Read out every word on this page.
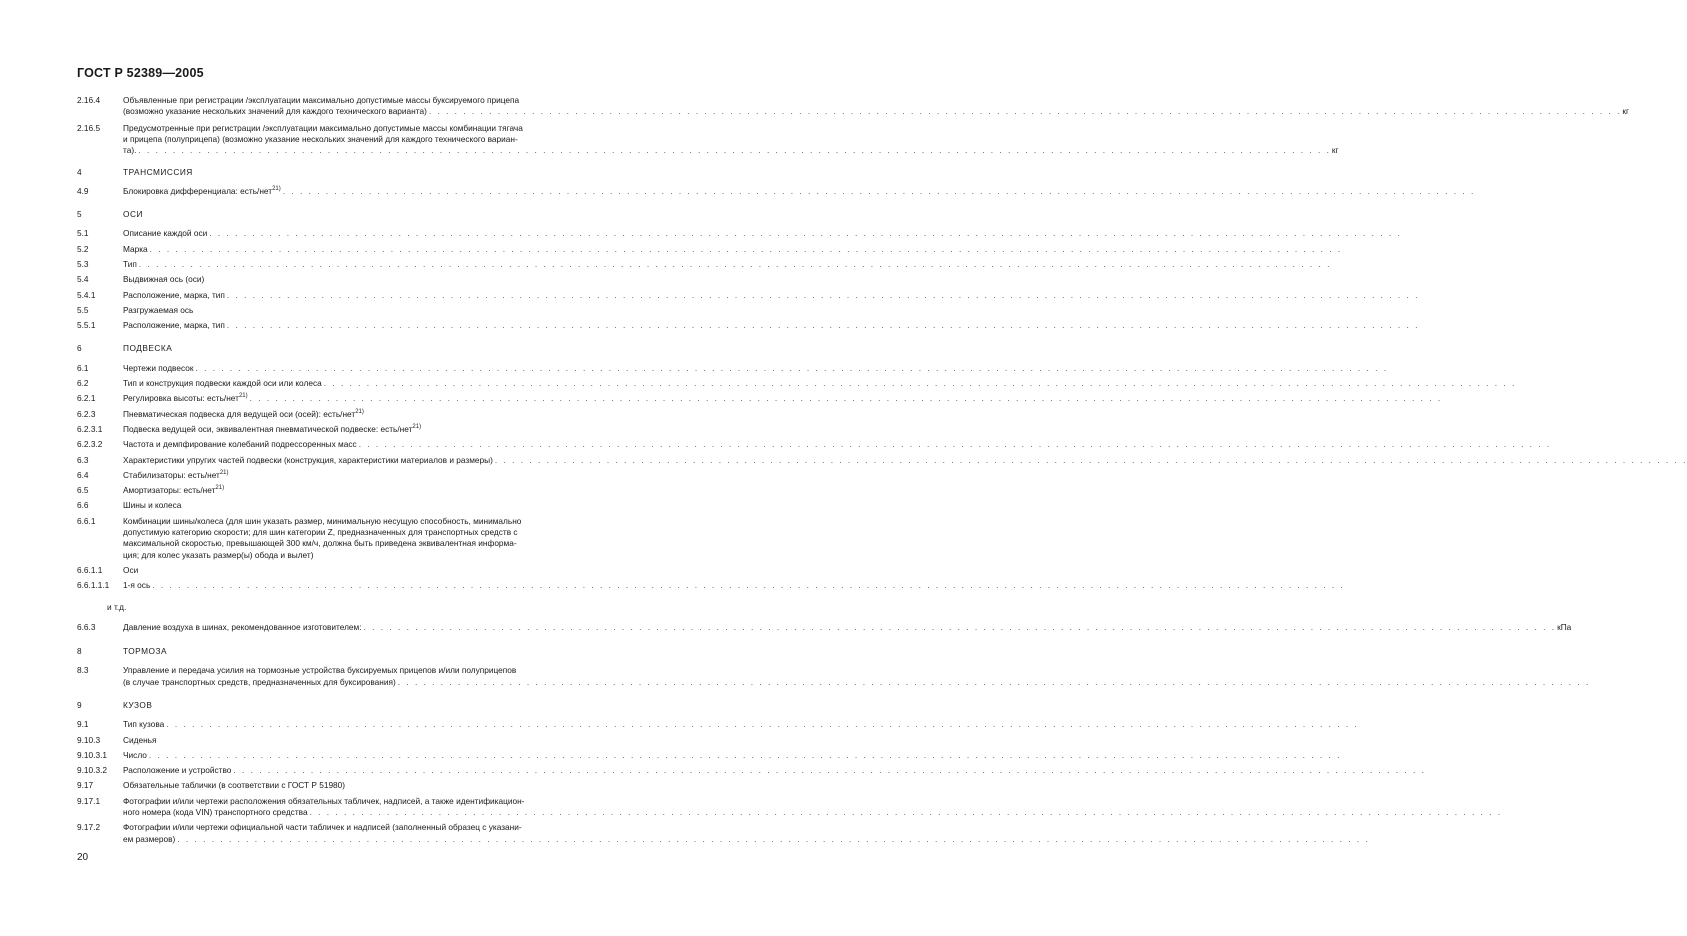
ГОСТ Р 52389—2005
2.16.4	Объявленные при регистрации /эксплуатации максимально допустимые массы буксируемого прицепа
(возможно указание нескольких значений для каждого технического варианта) . . . . . . . . . . . . . . . . . . . . . . . . . . . . . . . . . . . . . . . . . . . . . . . . . . . . . . . . . . . . . . . . . . . . . . . . . . . . . . . . . . . . . . . . . . . . . . . . . . . . . . . . . . . . . . . . . . . . . . . . . . . . . . . . . . . . . . . . . . . кг
2.16.5	Предусмотренные при регистрации /эксплуатации максимально допустимые массы комбинации тягача
и прицепа (полуприцепа) (возможно указание нескольких значений для каждого технического вариан-
та). . . . . . . . . . . . . . . . . . . . . . . . . . . . . . . . . . . . . . . . . . . . . . . . . . . . . . . . . . . . . . . . . . . . . . . . . . . . . . . . . . . . . . . . . . . . . . . . . . . . . . . . . . . . . . . . . . . . . . . . . . . . . . . . . . . . . . . . . . . . кг
4	ТРАНСМИССИЯ
4.9	Блокировка дифференциала: есть/нет$^{21)}$ . . . . . . . . . . . . . . . . . . . . . . . . . . . . . . . . . . . . . . . . . . . . . . . . . . . . . . . . . . . . . . . . . . . . . . . . . . . . . . . . . . . . . . . . . . . . . . . . . . . . . . . . . . . . . . . . . . . . . . . . . . . . . . . . . . . . . . . . . . .
5	ОСИ
5.1	Описание каждой оси . . . . . . . . . . . . . . . . . . . . . . . . . . . . . . . . . . . . . . . . . . . . . . . . . . . . . . . . . . . . . . . . . . . . . . . . . . . . . . . . . . . . . . . . . . . . . . . . . . . . . . . . . . . . . . . . . . . . . . . . . . . . . . . . . . . . . . . . . . .
5.2	Марка . . . . . . . . . . . . . . . . . . . . . . . . . . . . . . . . . . . . . . . . . . . . . . . . . . . . . . . . . . . . . . . . . . . . . . . . . . . . . . . . . . . . . . . . . . . . . . . . . . . . . . . . . . . . . . . . . . . . . . . . . . . . . . . . . . . . . . . . . . .
5.3	Тип . . . . . . . . . . . . . . . . . . . . . . . . . . . . . . . . . . . . . . . . . . . . . . . . . . . . . . . . . . . . . . . . . . . . . . . . . . . . . . . . . . . . . . . . . . . . . . . . . . . . . . . . . . . . . . . . . . . . . . . . . . . . . . . . . . . . . . . . . . .
5.4	Выдвижная ось (оси)
5.4.1	Расположение, марка, тип . . . . . . . . . . . . . . . . . . . . . . . . . . . . . . . . . . . . . . . . . . . . . . . . . . . . . . . . . . . . . . . . . . . . . . . . . . . . . . . . . . . . . . . . . . . . . . . . . . . . . . . . . . . . . . . . . . . . . . . . . . . . . . . . . . . . . . . . . . .
5.5	Разгружаемая ось
5.5.1	Расположение, марка, тип . . . . . . . . . . . . . . . . . . . . . . . . . . . . . . . . . . . . . . . . . . . . . . . . . . . . . . . . . . . . . . . . . . . . . . . . . . . . . . . . . . . . . . . . . . . . . . . . . . . . . . . . . . . . . . . . . . . . . . . . . . . . . . . . . . . . . . . . . . .
6	ПОДВЕСКА
6.1	Чертежи подвесок . . . . . . . . . . . . . . . . . . . . . . . . . . . . . . . . . . . . . . . . . . . . . . . . . . . . . . . . . . . . . . . . . . . . . . . . . . . . . . . . . . . . . . . . . . . . . . . . . . . . . . . . . . . . . . . . . . . . . . . . . . . . . . . . . . . . . . . . . . .
6.2	Тип и конструкция подвески каждой оси или колеса . . . . . . . . . . . . . . . . . . . . . . . . . . . . . . . . . . . . . . . . . . . . . . . . . . . . . . . . . . . . . . . . . . . . . . . . . . . . . . . . . . . . . . . . . . . . . . . . . . . . . . . . . . . . . . . . . . . . . . . . . . . . . . . . . . . . . . . . . . .
6.2.1	Регулировка высоты: есть/нет$^{21)}$ . . . . . . . . . . . . . . . . . . . . . . . . . . . . . . . . . . . . . . . . . . . . . . . . . . . . . . . . . . . . . . . . . . . . . . . . . . . . . . . . . . . . . . . . . . . . . . . . . . . . . . . . . . . . . . . . . . . . . . . . . . . . . . . . . . . . . . . . . . .
6.2.3	Пневматическая подвеска для ведущей оси (осей): есть/нет$^{21)}$
6.2.3.1	Подвеска ведущей оси, эквивалентная пневматической подвеске: есть/нет$^{21)}$
6.2.3.2	Частота и демпфирование колебаний подрессоренных масс . . . . . . . . . . . . . . . . . . . . . . . . . . . . . . . . . . . . . . . . . . . . . . . . . . . . . . . . . . . . . . . . . . . . . . . . . . . . . . . . . . . . . . . . . . . . . . . . . . . . . . . . . . . . . . . . . . . . . . . . . . . . . . . . . . . . . . . . . . .
6.3	Характеристики упругих частей подвески (конструкция, характеристики материалов и размеры) . . . . . . . . . . . . . . . . . . . . . . . . . . . . . . . . . . . . . . . . . . . . . . . . . . . . . . . . . . . . . . . . . . . . . . . . . . . . . . . . . . . . . . . . . . . . . . . . . . . . . . . . . . . . . . . . . . . . . . . . . . . . . . . . . . . . . . . . . . .
6.4	Стабилизаторы: есть/нет$^{21)}$
6.5	Амортизаторы: есть/нет$^{21)}$
6.6	Шины и колеса
6.6.1	Комбинации шины/колеса (для шин указать размер, минимальную несущую способность, минимально
допустимую категорию скорости; для шин категории Z, предназначенных для транспортных средств с
максимальной скоростью, превышающей 300 км/ч, должна быть приведена эквивалентная информа-
ция; для колес указать размер(ы) обода и вылет)
6.6.1.1	Оси
6.6.1.1.1	1-я ось . . . . . . . . . . . . . . . . . . . . . . . . . . . . . . . . . . . . . . . . . . . . . . . . . . . . . . . . . . . . . . . . . . . . . . . . . . . . . . . . . . . . . . . . . . . . . . . . . . . . . . . . . . . . . . . . . . . . . . . . . . . . . . . . . . . . . . . . . . .
и т.д.
6.6.3	Давление воздуха в шинах, рекомендованное изготовителем: . . . . . . . . . . . . . . . . . . . . . . . . . . . . . . . . . . . . . . . . . . . . . . . . . . . . . . . . . . . . . . . . . . . . . . . . . . . . . . . . . . . . . . . . . . . . . . . . . . . . . . . . . . . . . . . . . . . . . . . . . . . . . . . . . . . . . . . . . . . кПа
8	ТОРМОЗА
8.3	Управление и передача усилия на тормозные устройства буксируемых прицепов и/или полуприцепов
(в случае транспортных средств, предназначенных для буксирования) . . . . . . . . . . . . . . . . . . . . . . . . . . . . . . . . . . . . . . . . . . . . . . . . . . . . . . . . . . . . . . . . . . . . . . . . . . . . . . . . . . . . . . . . . . . . . . . . . . . . . . . . . . . . . . . . . . . . . . . . . . . . . . . . . . . . . . . . . . .
9	КУЗОВ
9.1	Тип кузова . . . . . . . . . . . . . . . . . . . . . . . . . . . . . . . . . . . . . . . . . . . . . . . . . . . . . . . . . . . . . . . . . . . . . . . . . . . . . . . . . . . . . . . . . . . . . . . . . . . . . . . . . . . . . . . . . . . . . . . . . . . . . . . . . . . . . . . . . . .
9.10.3	Сиденья
9.10.3.1	Число . . . . . . . . . . . . . . . . . . . . . . . . . . . . . . . . . . . . . . . . . . . . . . . . . . . . . . . . . . . . . . . . . . . . . . . . . . . . . . . . . . . . . . . . . . . . . . . . . . . . . . . . . . . . . . . . . . . . . . . . . . . . . . . . . . . . . . . . . . .
9.10.3.2	Расположение и устройство . . . . . . . . . . . . . . . . . . . . . . . . . . . . . . . . . . . . . . . . . . . . . . . . . . . . . . . . . . . . . . . . . . . . . . . . . . . . . . . . . . . . . . . . . . . . . . . . . . . . . . . . . . . . . . . . . . . . . . . . . . . . . . . . . . . . . . . . . . .
9.17	Обязательные таблички (в соответствии с ГОСТ Р 51980)
9.17.1	Фотографии и/или чертежи расположения обязательных табличек, надписей, а также идентификацион-
ного номера (кода VIN) транспортного средства . . . . . . . . . . . . . . . . . . . . . . . . . . . . . . . . . . . . . . . . . . . . . . . . . . . . . . . . . . . . . . . . . . . . . . . . . . . . . . . . . . . . . . . . . . . . . . . . . . . . . . . . . . . . . . . . . . . . . . . . . . . . . . . . . . . . . . . . . . .
9.17.2	Фотографии и/или чертежи официальной части табличек и надписей (заполненный образец с указани-
ем размеров) . . . . . . . . . . . . . . . . . . . . . . . . . . . . . . . . . . . . . . . . . . . . . . . . . . . . . . . . . . . . . . . . . . . . . . . . . . . . . . . . . . . . . . . . . . . . . . . . . . . . . . . . . . . . . . . . . . . . . . . . . . . . . . . . . . . . . . . . . . .
20
